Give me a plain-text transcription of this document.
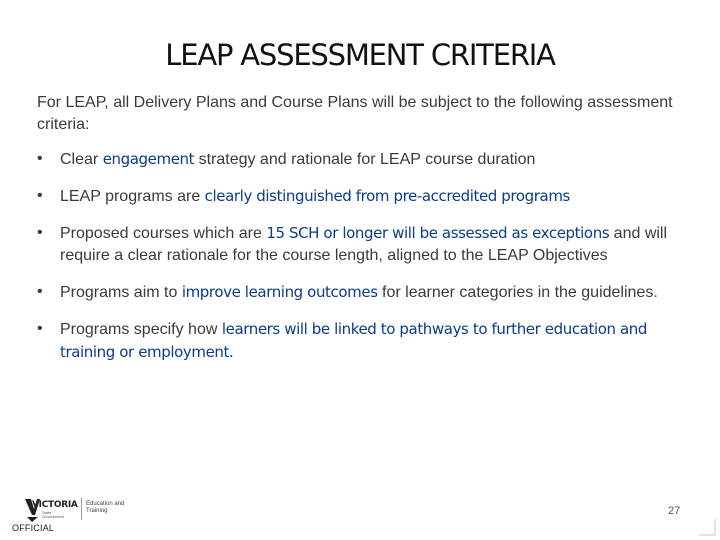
LEAP ASSESSMENT CRITERIA
For LEAP, all Delivery Plans and Course Plans will be subject to the following assessment criteria:
• Clear engagement strategy and rationale for LEAP course duration
• LEAP programs are clearly distinguished from pre-accredited programs
• Proposed courses which are 15 SCH or longer will be assessed as exceptions and will require a clear rationale for the course length, aligned to the LEAP Objectives
• Programs aim to improve learning outcomes for learner categories in the guidelines.
• Programs specify how learners will be linked to pathways to further education and training or employment.
VICTORIA
State Government
Education and Training	27
OFFICIAL
